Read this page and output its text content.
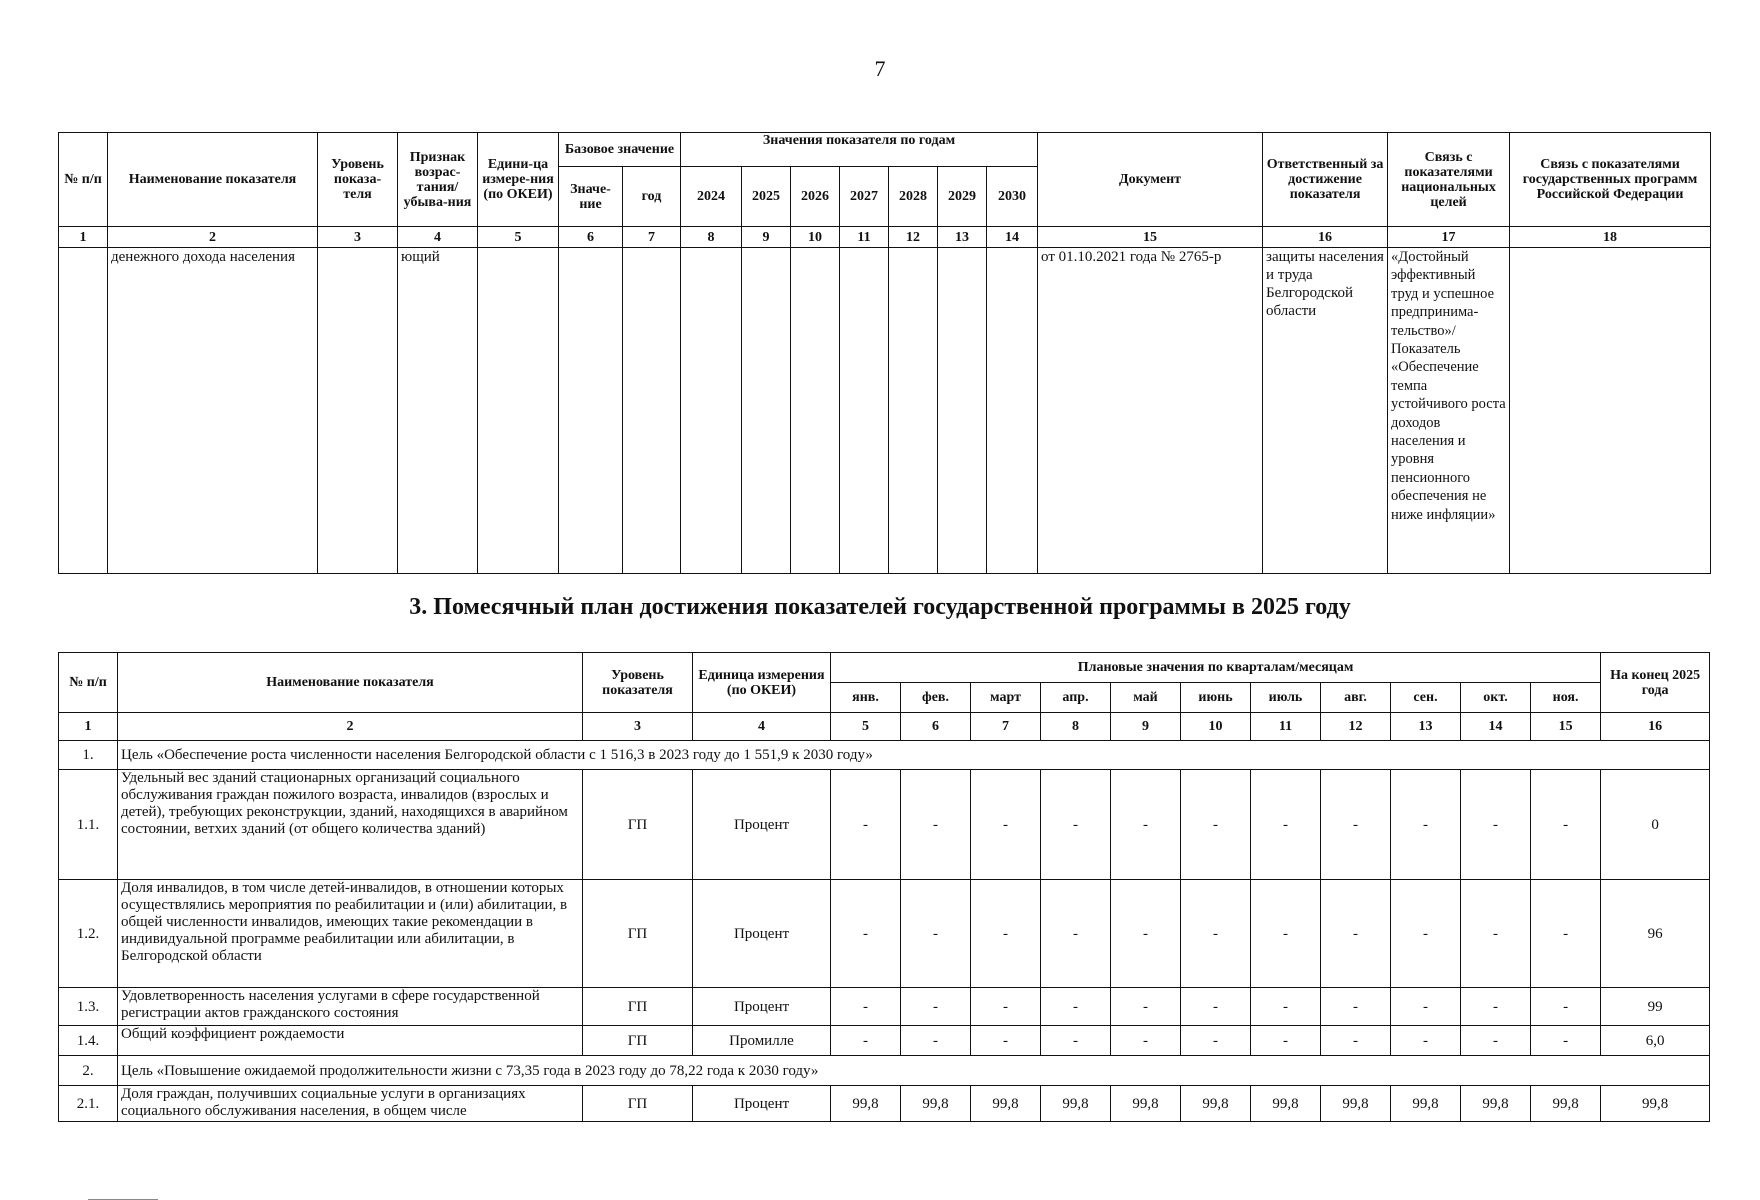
7
№ п/п	Наименование показателя	Уровень показа-теля	Признак возрас-тания/ убыва-ния	Едини-ца измере-ния (по ОКЕИ)	Базовое значение		Значения показателя по годам							Документ	Ответственный за достижение показателя	Связь с показателями национальных целей	Связь с показателями государственных программ Российской Федерации
					Значе-ние	год	2024	2025	2026	2027	2028	2029	2030				
1	2	3	4	5	6	7	8	9	10	11	12	13	14	15	16	17	18
	денежного дохода населения		ющий											от 01.10.2021 года № 2765-р	защиты населения и труда Белгородской области	«Достойный эффективный труд и успешное предпринима-тельство»/ Показатель «Обеспечение темпа устойчивого роста доходов населения и уровня пенсионного обеспечения не ниже инфляции»	
3. Помесячный план достижения показателей государственной программы в 2025 году
№ п/п	Наименование показателя	Уровень показателя	Единица измерения (по ОКЕИ)	Плановые значения по кварталам/месяцам											На конец 2025 года
				янв.	фев.	март	апр.	май	июнь	июль	авг.	сен.	окт.	ноя.	
1	2	3	4	5	6	7	8	9	10	11	12	13	14	15	16
1.	Цель «Обеспечение роста численности населения Белгородской области с 1 516,3 в 2023 году до 1 551,9 к 2030 году»														
1.1.	Удельный вес зданий стационарных организаций социального обслуживания граждан пожилого возраста, инвалидов (взрослых и детей), требующих реконструкции, зданий, находящихся в аварийном состоянии, ветхих зданий (от общего количества зданий)	ГП	Процент	-	-	-	-	-	-	-	-	-	-	-	0
1.2.	Доля инвалидов, в том числе детей-инвалидов, в отношении которых осуществлялись мероприятия по реабилитации и (или) абилитации, в общей численности инвалидов, имеющих такие рекомендации в индивидуальной программе реабилитации или абилитации, в Белгородской области	ГП	Процент	-	-	-	-	-	-	-	-	-	-	-	96
1.3.	Удовлетворенность населения услугами в сфере государственной регистрации актов гражданского состояния	ГП	Процент	-	-	-	-	-	-	-	-	-	-	-	99
1.4.	Общий коэффициент рождаемости	ГП	Промилле	-	-	-	-	-	-	-	-	-	-	-	6,0
2.	Цель «Повышение ожидаемой продолжительности жизни с 73,35 года в 2023 году до 78,22 года к 2030 году»														
2.1.	Доля граждан, получивших социальные услуги в организациях социального обслуживания населения, в общем числе	ГП	Процент	99,8	99,8	99,8	99,8	99,8	99,8	99,8	99,8	99,8	99,8	99,8	99,8
